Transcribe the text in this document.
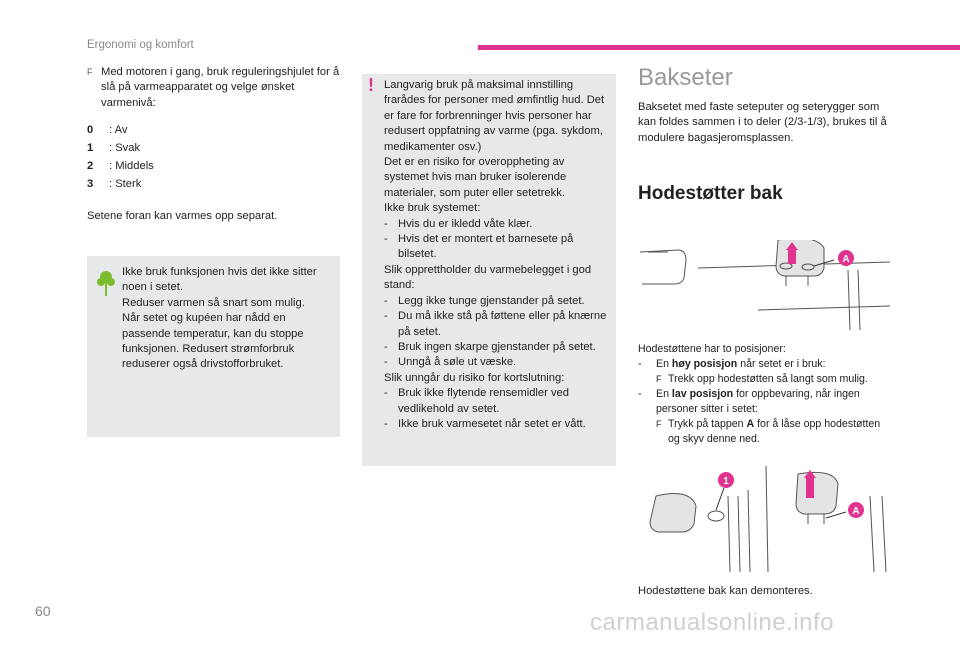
Ergonomi og komfort
F Med motoren i gang, bruk reguleringshjulet for å slå på varmeapparatet og velge ønsket varmenivå:

0 : Av
1 : Svak
2 : Middels
3 : Sterk

Setene foran kan varmes opp separat.

Ikke bruk funksjonen hvis det ikke sitter noen i setet.
Reduser varmen så snart som mulig.
Når setet og kupéen har nådd en passende temperatur, kan du stoppe funksjonen. Redusert strømforbruk reduserer også drivstofforbruket.
! Langvarig bruk på maksimal innstilling frarådes for personer med ømfintlig hud. Det er fare for forbrenninger hvis personer har redusert oppfatning av varme (pga. sykdom, medikamenter osv.)
Det er en risiko for overoppheting av systemet hvis man bruker isolerende materialer, som puter eller setetrekk.
Ikke bruk systemet:
- Hvis du er ikledd våte klær.
- Hvis det er montert et barnesete på bilsetet.
Slik opprettholder du varmebelegget i god stand:
- Legg ikke tunge gjenstander på setet.
- Du må ikke stå på føttene eller på knærne på setet.
- Bruk ingen skarpe gjenstander på setet.
- Unngå å søle ut væske.
Slik unngår du risiko for kortslutning:
- Bruk ikke flytende rensemidler ved vedlikehold av setet.
- Ikke bruk varmesetet når setet er vått.
Bakseter
Baksetet med faste seteputer og seterygger som kan foldes sammen i to deler (2/3-1/3), brukes til å modulere bagasjeromsplassen.
Hodestøtter bak
A
Hodestøttene har to posisjoner:
- En høy posisjon når setet er i bruk:
F Trekk opp hodestøtten så langt som mulig.
- En lav posisjon for oppbevaring, når ingen personer sitter i setet:
F Trykk på tappen A for å låse opp hodestøtten og skyv denne ned.
1
A
Hodestøttene bak kan demonteres.
60	carmanualsonline.info
